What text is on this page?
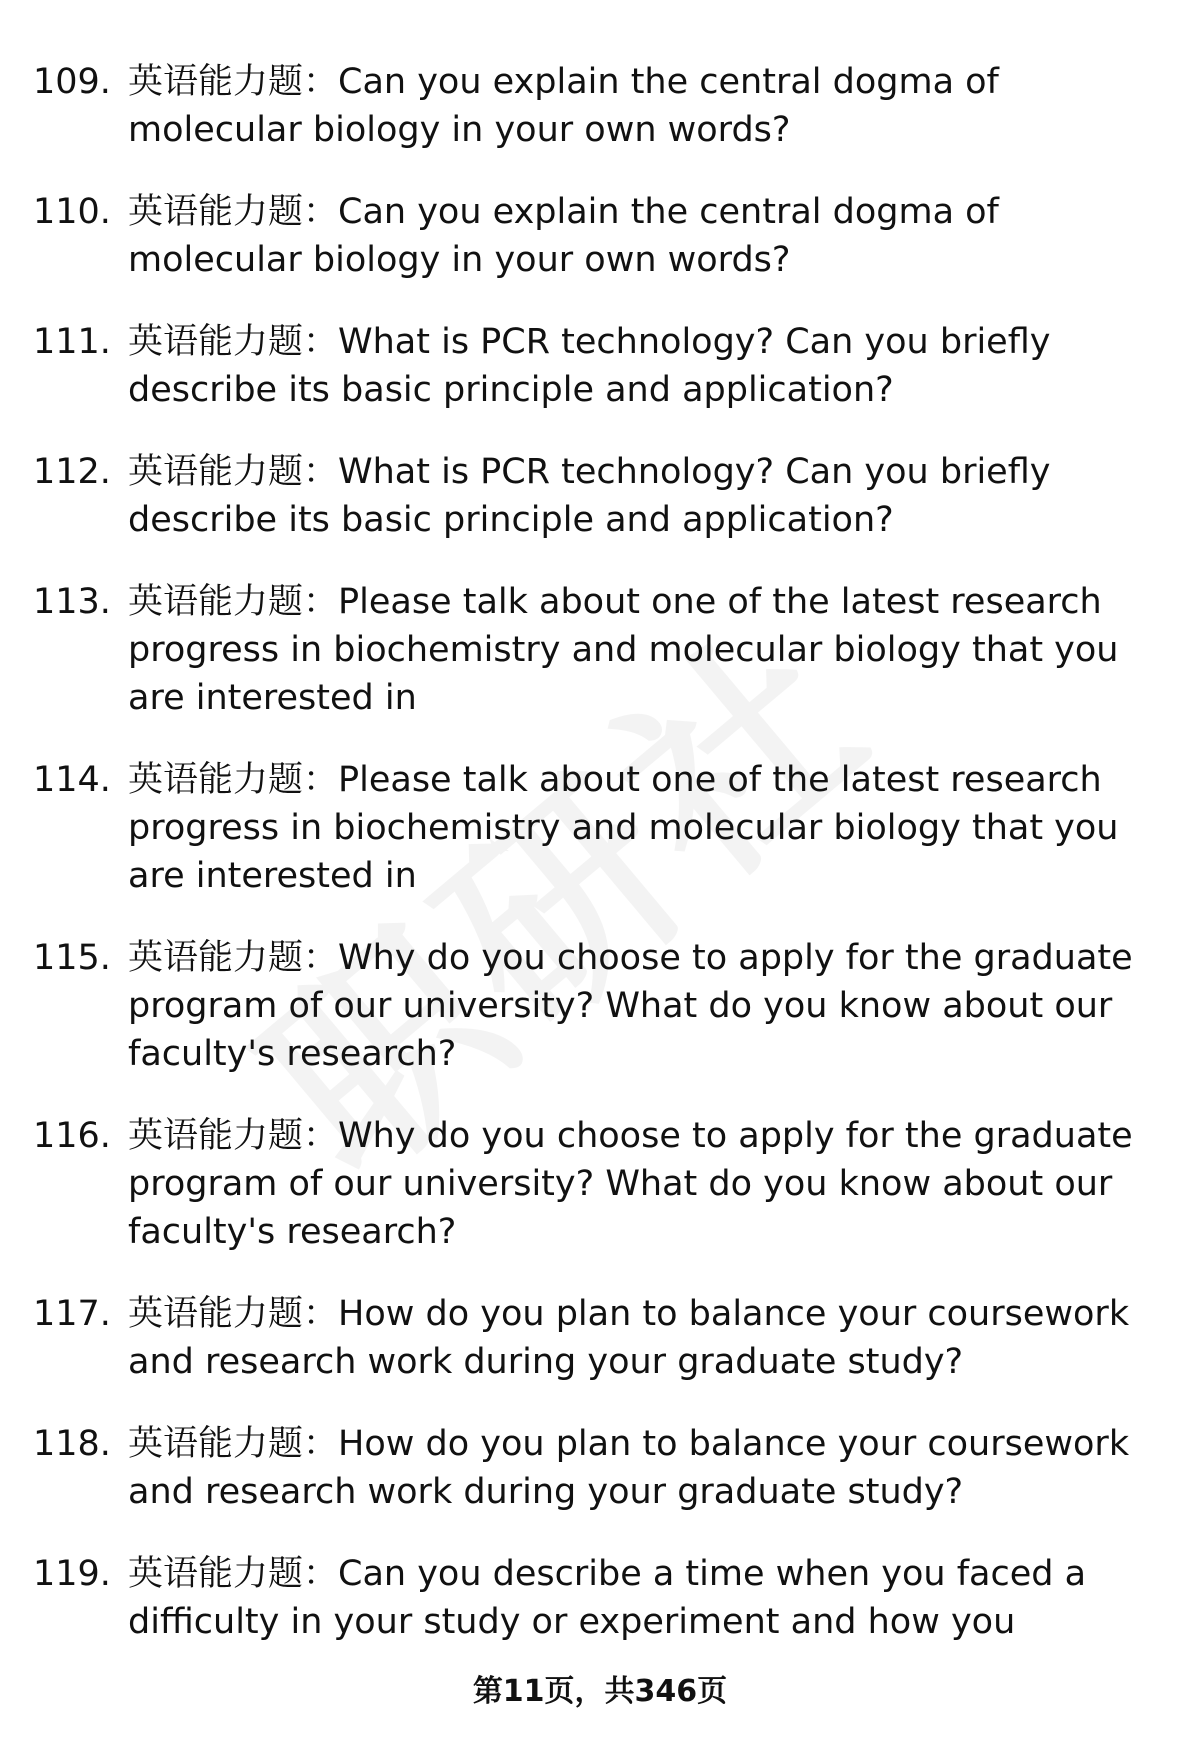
109. 英语能力题：Can you explain the central dogma of molecular biology in your own words?
110. 英语能力题：Can you explain the central dogma of molecular biology in your own words?
111. 英语能力题：What is PCR technology? Can you briefly describe its basic principle and application?
112. 英语能力题：What is PCR technology? Can you briefly describe its basic principle and application?
113. 英语能力题：Please talk about one of the latest research progress in biochemistry and molecular biology that you are interested in
114. 英语能力题：Please talk about one of the latest research progress in biochemistry and molecular biology that you are interested in
115. 英语能力题：Why do you choose to apply for the graduate program of our university? What do you know about our faculty's research?
116. 英语能力题：Why do you choose to apply for the graduate program of our university? What do you know about our faculty's research?
117. 英语能力题：How do you plan to balance your coursework and research work during your graduate study?
118. 英语能力题：How do you plan to balance your coursework and research work during your graduate study?
119. 英语能力题：Can you describe a time when you faced a difficulty in your study or experiment and how you
第11页，共346页
